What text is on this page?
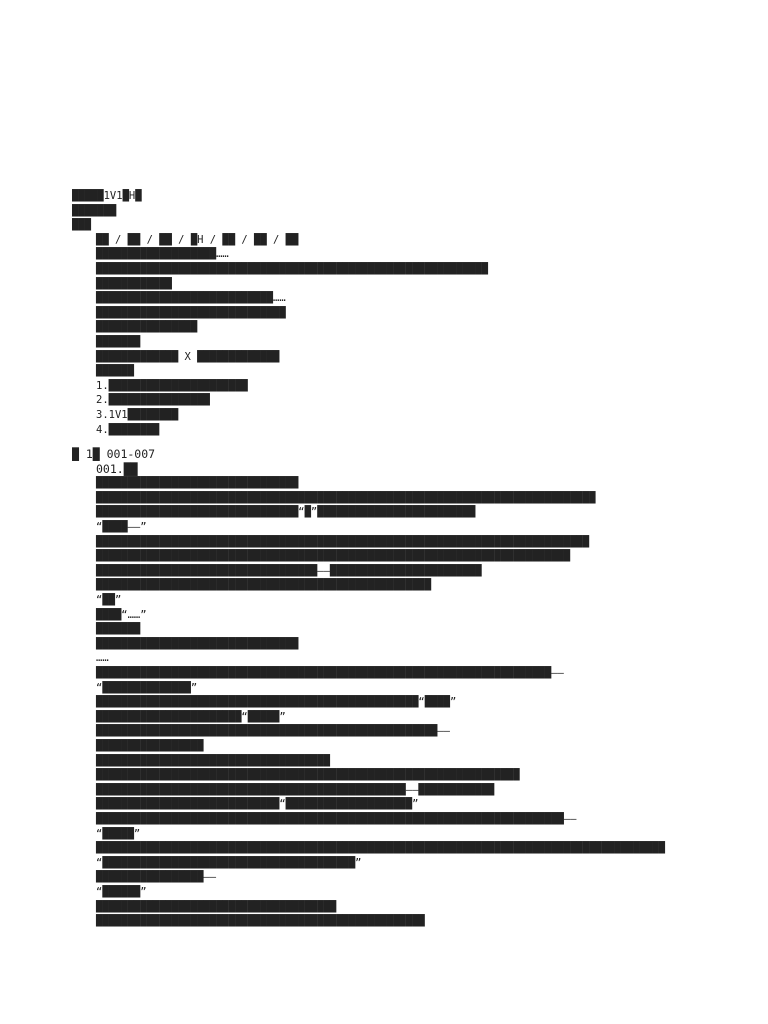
█████1V1█H█
███████
███
██ / ██ / ██ / █H / ██ / ██ / ██
███████████████████……
██████████████████████████████████████████████████████████████
████████████
████████████████████████████……
██████████████████████████████
████████████████
███████
█████████████ X █████████████
██████
1.██████████████████████
2.████████████████
3.1V1████████
4.████████
█ 1█ 001-007
001.██
████████████████████████████████
███████████████████████████████████████████████████████████████████████████████
████████████████████████████████“█”█████████████████████████
“████——”
██████████████████████████████████████████████████████████████████████████████
███████████████████████████████████████████████████████████████████████████
███████████████████████████████████——████████████████████████
█████████████████████████████████████████████████████
“██”
████“……”
███████
████████████████████████████████
……
████████████████████████████████████████████████████████████████████████——
“██████████████”
███████████████████████████████████████████████████“████”
███████████████████████“█████”
██████████████████████████████████████████████████████——
█████████████████
█████████████████████████████████████
███████████████████████████████████████████████████████████████████
█████████████████████████████████████████████████——████████████
█████████████████████████████“████████████████████”
██████████████████████████████████████████████████████████████████████████——
“█████”
██████████████████████████████████████████████████████████████████████████████████████████
“████████████████████████████████████████”
█████████████████——
“██████”
██████████████████████████████████████
████████████████████████████████████████████████████
